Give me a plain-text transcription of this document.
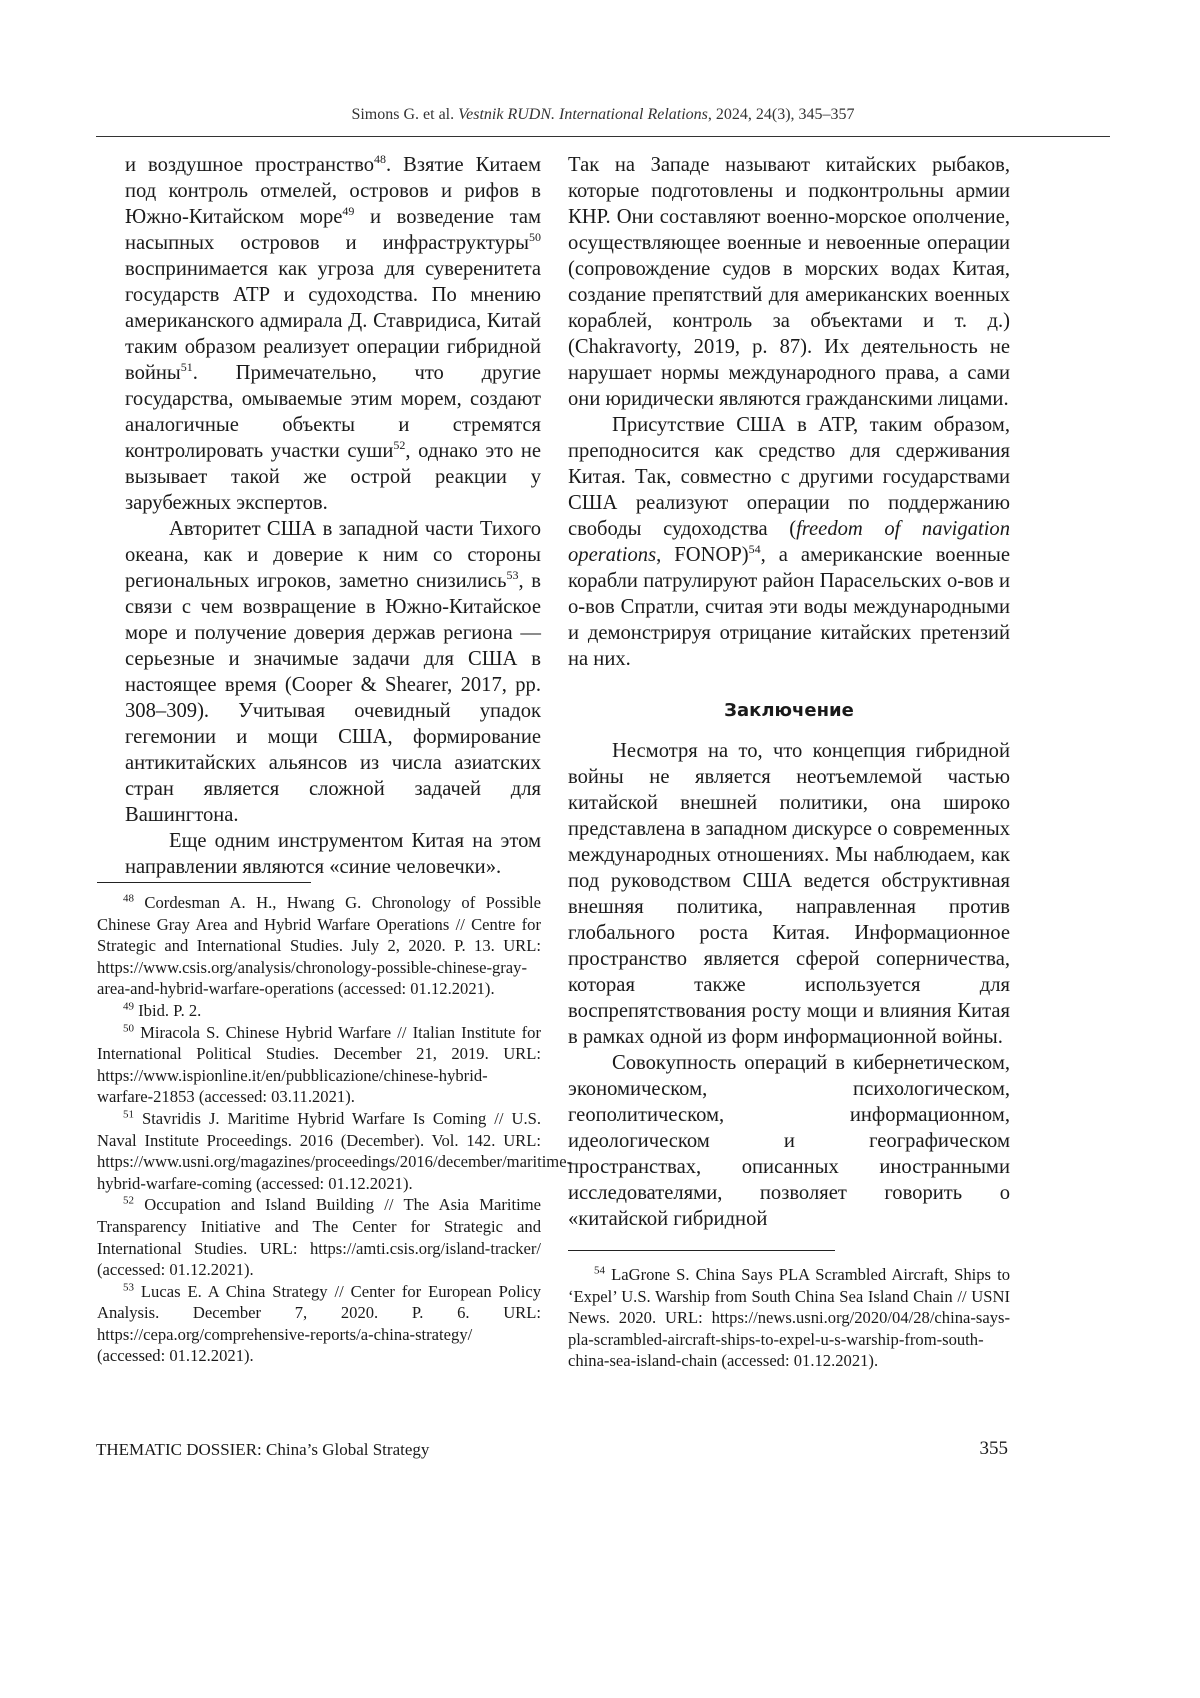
Simons G. et al. Vestnik RUDN. International Relations, 2024, 24(3), 345–357

и воздушное пространство48. Взятие Китаем под контроль отмелей, островов и рифов в Южно-Китайском море49 и возведение там насыпных островов и инфраструктуры50 воспринимается как угроза для суверенитета государств АТР и судоходства. По мнению американского адмирала Д. Ставридиса, Китай таким образом реализует операции гибридной войны51. Примечательно, что другие государства, омываемые этим морем, создают аналогичные объекты и стремятся контролировать участки суши52, однако это не вызывает такой же острой реакции у зарубежных экспертов.

Авторитет США в западной части Тихого океана, как и доверие к ним со стороны региональных игроков, заметно снизились53, в связи с чем возвращение в Южно-Китайское море и получение доверия держав региона — серьезные и значимые задачи для США в настоящее время (Cooper & Shearer, 2017, pp. 308–309). Учитывая очевидный упадок гегемонии и мощи США, формирование антикитайских альянсов из числа азиатских стран является сложной задачей для Вашингтона.

Еще одним инструментом Китая на этом направлении являются «синие человечки».

48 Cordesman A. H., Hwang G. Chronology of Possible Chinese Gray Area and Hybrid Warfare Operations // Centre for Strategic and International Studies. July 2, 2020. P. 13. URL: https://www.csis.org/analysis/chronology-possible-chinese-gray-area-and-hybrid-warfare-operations (accessed: 01.12.2021).

49 Ibid. P. 2.

50 Miracola S. Chinese Hybrid Warfare // Italian Institute for International Political Studies. December 21, 2019. URL: https://www.ispionline.it/en/pubblicazione/chinese-hybrid-warfare-21853 (accessed: 03.11.2021).

51 Stavridis J. Maritime Hybrid Warfare Is Coming // U.S. Naval Institute Proceedings. 2016 (December). Vol. 142. URL: https://www.usni.org/magazines/proceedings/2016/december/maritime-hybrid-warfare-coming (accessed: 01.12.2021).

52 Occupation and Island Building // The Asia Maritime Transparency Initiative and The Center for Strategic and International Studies. URL: https://amti.csis.org/island-tracker/ (accessed: 01.12.2021).

53 Lucas E. A China Strategy // Center for European Policy Analysis. December 7, 2020. P. 6. URL: https://cepa.org/comprehensive-reports/a-china-strategy/ (accessed: 01.12.2021).

Так на Западе называют китайских рыбаков, которые подготовлены и подконтрольны армии КНР. Они составляют военно-морское ополчение, осуществляющее военные и невоенные операции (сопровождение судов в морских водах Китая, создание препятствий для американских военных кораблей, контроль за объектами и т. д.) (Chakravorty, 2019, p. 87). Их деятельность не нарушает нормы международного права, а сами они юридически являются гражданскими лицами.

Присутствие США в АТР, таким образом, преподносится как средство для сдерживания Китая. Так, совместно с другими государствами США реализуют операции по поддержанию свободы судоходства (freedom of navigation operations, FONOP)54, а американские военные корабли патрулируют район Парасельских о-вов и о-вов Спратли, считая эти воды международными и демонстрируя отрицание китайских претензий на них.

Заключение

Несмотря на то, что концепция гибридной войны не является неотъемлемой частью китайской внешней политики, она широко представлена в западном дискурсе о современных международных отношениях. Мы наблюдаем, как под руководством США ведется обструктивная внешняя политика, направленная против глобального роста Китая. Информационное пространство является сферой соперничества, которая также используется для воспрепятствования росту мощи и влияния Китая в рамках одной из форм информационной войны.

Совокупность операций в кибернетическом, экономическом, психологическом, геополитическом, информационном, идеологическом и географическом пространствах, описанных иностранными исследователями, позволяет говорить о «китайской гибридной

54 LaGrone S. China Says PLA Scrambled Aircraft, Ships to ‘Expel’ U.S. Warship from South China Sea Island Chain // USNI News. 2020. URL: https://news.usni.org/2020/04/28/china-says-pla-scrambled-aircraft-ships-to-expel-u-s-warship-from-south-china-sea-island-chain (accessed: 01.12.2021).

THEMATIC DOSSIER: China’s Global Strategy	355
